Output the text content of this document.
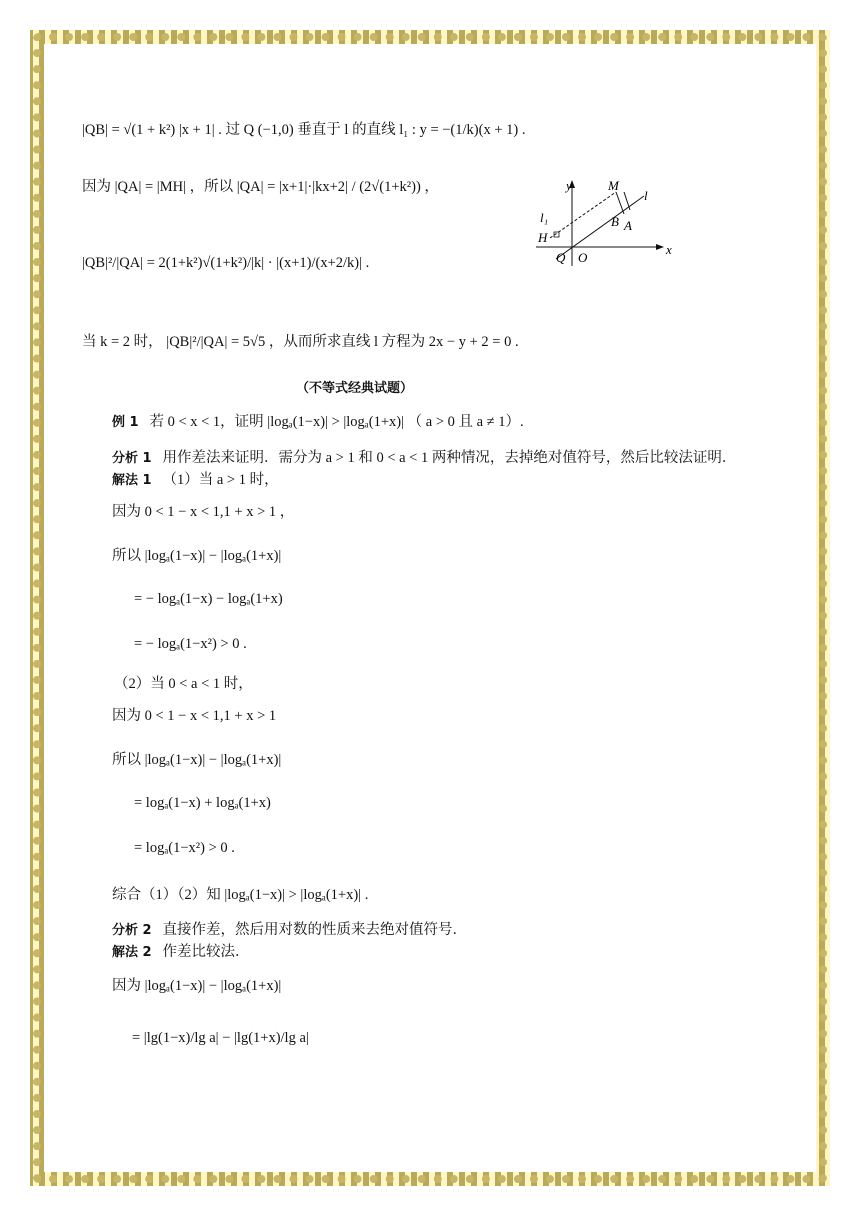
|QB| = √(1 + k²) |x + 1| . 过 Q (−1,0) 垂直于 l 的直线 l₁ : y = −(1/k)(x + 1) .
因为 |QA| = |MH| ，所以 |QA| = |x+1|·|kx+2| / (2√(1+k²)) ，
|QB|²/|QA| = 2(1+k²)√(1+k²)/|k| · |(x+1)/(x+2/k)| .
当 k = 2 时， |QB|²/|QA| = 5√5 ，从而所求直线 l 方程为 2x − y + 2 = 0 .
y
x
M
l
A
B
l₁
H
Q O
（不等式经典试题）
例 1 若 0 < x < 1，证明 |logₐ(1−x)| > |logₐ(1+x)| （ a > 0 且 a ≠ 1）.
分析 1 用作差法来证明．需分为 a > 1 和 0 < a < 1 两种情况，去掉绝对值符号，然后比较法证明．
解法 1 （1）当 a > 1 时，
因为 0 < 1 − x < 1,1 + x > 1 ，
所以 |logₐ(1−x)| − |logₐ(1+x)|
= − logₐ(1−x) − logₐ(1+x)
= − logₐ(1−x²) > 0 .
（2）当 0 < a < 1 时，
因为 0 < 1 − x < 1,1 + x > 1
所以 |logₐ(1−x)| − |logₐ(1+x)|
= logₐ(1−x) + logₐ(1+x)
= logₐ(1−x²) > 0 .
综合（1）（2）知 |logₐ(1−x)| > |logₐ(1+x)| .
分析 2 直接作差，然后用对数的性质来去绝对值符号．
解法 2 作差比较法．
因为 |logₐ(1−x)| − |logₐ(1+x)|
= |lg(1−x)/lg a| − |lg(1+x)/lg a|
